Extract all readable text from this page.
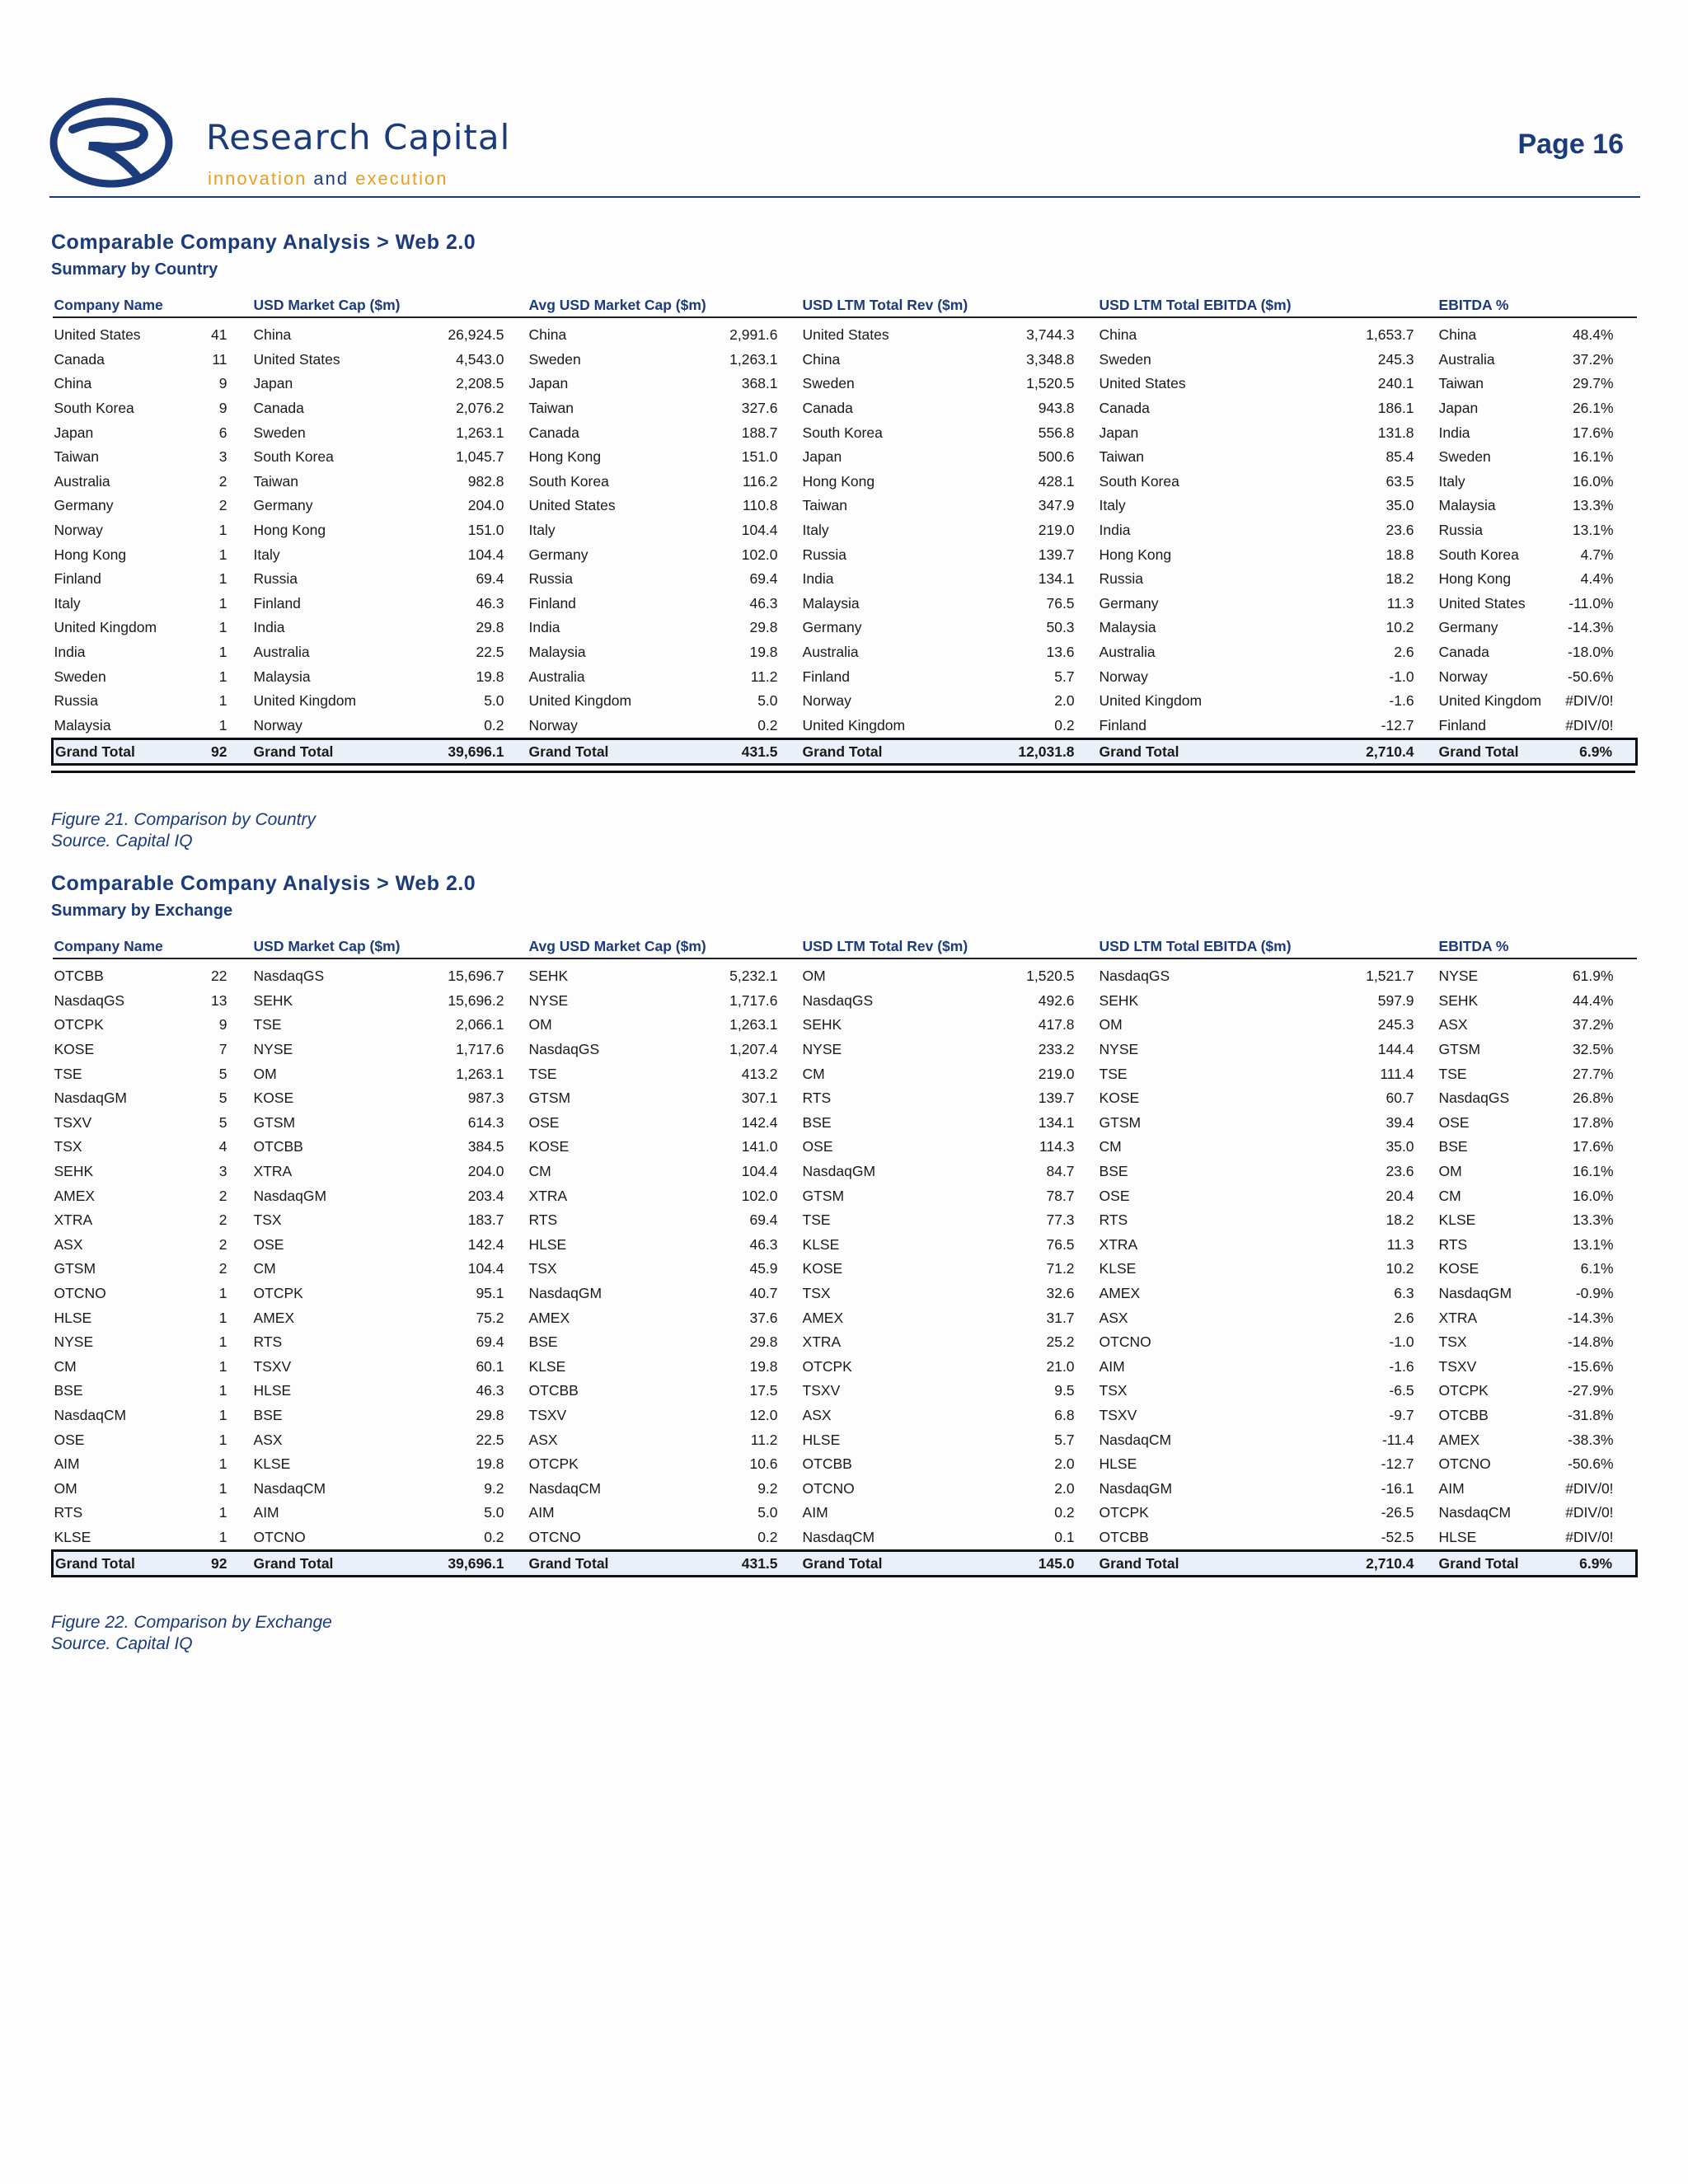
Research Capital
innovation and execution
Page 16
Comparable Company Analysis > Web 2.0
Summary by Country
Company Name		USD Market Cap ($m)		Avg USD Market Cap ($m)		USD LTM Total Rev ($m)		USD LTM Total EBITDA ($m)		EBITDA %	
United States	41	China	26,924.5	China	2,991.6	United States	3,744.3	China	1,653.7	China	48.4%
Canada	11	United States	4,543.0	Sweden	1,263.1	China	3,348.8	Sweden	245.3	Australia	37.2%
China	9	Japan	2,208.5	Japan	368.1	Sweden	1,520.5	United States	240.1	Taiwan	29.7%
South Korea	9	Canada	2,076.2	Taiwan	327.6	Canada	943.8	Canada	186.1	Japan	26.1%
Japan	6	Sweden	1,263.1	Canada	188.7	South Korea	556.8	Japan	131.8	India	17.6%
Taiwan	3	South Korea	1,045.7	Hong Kong	151.0	Japan	500.6	Taiwan	85.4	Sweden	16.1%
Australia	2	Taiwan	982.8	South Korea	116.2	Hong Kong	428.1	South Korea	63.5	Italy	16.0%
Germany	2	Germany	204.0	United States	110.8	Taiwan	347.9	Italy	35.0	Malaysia	13.3%
Norway	1	Hong Kong	151.0	Italy	104.4	Italy	219.0	India	23.6	Russia	13.1%
Hong Kong	1	Italy	104.4	Germany	102.0	Russia	139.7	Hong Kong	18.8	South Korea	4.7%
Finland	1	Russia	69.4	Russia	69.4	India	134.1	Russia	18.2	Hong Kong	4.4%
Italy	1	Finland	46.3	Finland	46.3	Malaysia	76.5	Germany	11.3	United States	-11.0%
United Kingdom	1	India	29.8	India	29.8	Germany	50.3	Malaysia	10.2	Germany	-14.3%
India	1	Australia	22.5	Malaysia	19.8	Australia	13.6	Australia	2.6	Canada	-18.0%
Sweden	1	Malaysia	19.8	Australia	11.2	Finland	5.7	Norway	-1.0	Norway	-50.6%
Russia	1	United Kingdom	5.0	United Kingdom	5.0	Norway	2.0	United Kingdom	-1.6	United Kingdom	#DIV/0!
Malaysia	1	Norway	0.2	Norway	0.2	United Kingdom	0.2	Finland	-12.7	Finland	#DIV/0!
Grand Total	92	Grand Total	39,696.1	Grand Total	431.5	Grand Total	12,031.8	Grand Total	2,710.4	Grand Total	6.9%
Figure 21. Comparison by Country
Source. Capital IQ
Comparable Company Analysis > Web 2.0
Summary by Exchange
Company Name		USD Market Cap ($m)		Avg USD Market Cap ($m)		USD LTM Total Rev ($m)		USD LTM Total EBITDA ($m)		EBITDA %	
OTCBB	22	NasdaqGS	15,696.7	SEHK	5,232.1	OM	1,520.5	NasdaqGS	1,521.7	NYSE	61.9%
NasdaqGS	13	SEHK	15,696.2	NYSE	1,717.6	NasdaqGS	492.6	SEHK	597.9	SEHK	44.4%
OTCPK	9	TSE	2,066.1	OM	1,263.1	SEHK	417.8	OM	245.3	ASX	37.2%
KOSE	7	NYSE	1,717.6	NasdaqGS	1,207.4	NYSE	233.2	NYSE	144.4	GTSM	32.5%
TSE	5	OM	1,263.1	TSE	413.2	CM	219.0	TSE	111.4	TSE	27.7%
NasdaqGM	5	KOSE	987.3	GTSM	307.1	RTS	139.7	KOSE	60.7	NasdaqGS	26.8%
TSXV	5	GTSM	614.3	OSE	142.4	BSE	134.1	GTSM	39.4	OSE	17.8%
TSX	4	OTCBB	384.5	KOSE	141.0	OSE	114.3	CM	35.0	BSE	17.6%
SEHK	3	XTRA	204.0	CM	104.4	NasdaqGM	84.7	BSE	23.6	OM	16.1%
AMEX	2	NasdaqGM	203.4	XTRA	102.0	GTSM	78.7	OSE	20.4	CM	16.0%
XTRA	2	TSX	183.7	RTS	69.4	TSE	77.3	RTS	18.2	KLSE	13.3%
ASX	2	OSE	142.4	HLSE	46.3	KLSE	76.5	XTRA	11.3	RTS	13.1%
GTSM	2	CM	104.4	TSX	45.9	KOSE	71.2	KLSE	10.2	KOSE	6.1%
OTCNO	1	OTCPK	95.1	NasdaqGM	40.7	TSX	32.6	AMEX	6.3	NasdaqGM	-0.9%
HLSE	1	AMEX	75.2	AMEX	37.6	AMEX	31.7	ASX	2.6	XTRA	-14.3%
NYSE	1	RTS	69.4	BSE	29.8	XTRA	25.2	OTCNO	-1.0	TSX	-14.8%
CM	1	TSXV	60.1	KLSE	19.8	OTCPK	21.0	AIM	-1.6	TSXV	-15.6%
BSE	1	HLSE	46.3	OTCBB	17.5	TSXV	9.5	TSX	-6.5	OTCPK	-27.9%
NasdaqCM	1	BSE	29.8	TSXV	12.0	ASX	6.8	TSXV	-9.7	OTCBB	-31.8%
OSE	1	ASX	22.5	ASX	11.2	HLSE	5.7	NasdaqCM	-11.4	AMEX	-38.3%
AIM	1	KLSE	19.8	OTCPK	10.6	OTCBB	2.0	HLSE	-12.7	OTCNO	-50.6%
OM	1	NasdaqCM	9.2	NasdaqCM	9.2	OTCNO	2.0	NasdaqGM	-16.1	AIM	#DIV/0!
RTS	1	AIM	5.0	AIM	5.0	AIM	0.2	OTCPK	-26.5	NasdaqCM	#DIV/0!
KLSE	1	OTCNO	0.2	OTCNO	0.2	NasdaqCM	0.1	OTCBB	-52.5	HLSE	#DIV/0!
Grand Total	92	Grand Total	39,696.1	Grand Total	431.5	Grand Total	145.0	Grand Total	2,710.4	Grand Total	6.9%
Figure 22. Comparison by Exchange
Source. Capital IQ
